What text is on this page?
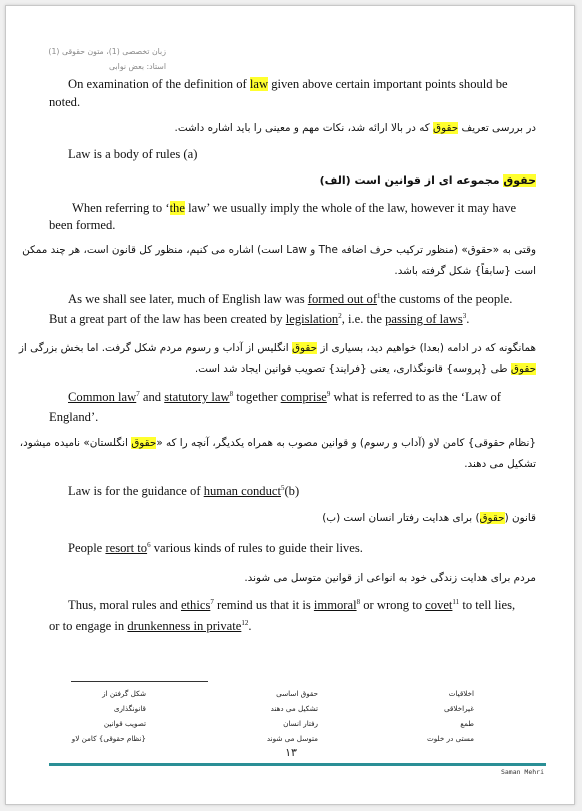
زبان تخصصی (1)، متون حقوقی (1)
استاد: بعض نوابی
On examination of the definition of law given above certain important points should be
noted.
در بررسی تعریف حقوق که در بالا ارائه شد، نکات مهم و معینی را باید اشاره داشت.
Law is a body of rules (a)
حقوق مجموعه ای از قوانین است (الف)
When referring to ‘the law’ we usually imply the whole of the law, however it may have
been formed.
وقتی به «حقوق» (منظور ترکیب حرف اضافه The و Law است) اشاره می کنیم، منظور کل قانون است، هر چند ممکن
است {سابقاً} شکل گرفته باشد.
As we shall see later, much of English law was formed out $of^1the$ customs of the people.
But a great part of the law has been created by legislation$^2$, i.e. the passing of laws$^3$.
همانگونه که در ادامه (بعدا) خواهیم دید، بسیاری از حقوق انگلیس از آداب و رسوم مردم شکل گرفت. اما بخش بزرگی از
حقوق طی {پروسه} قانونگذاری، یعنی {فرایند} تصویب قوانین ایجاد شد است.
Common law$^7$ and statutory law$^8$ together comprise$^9$ what is referred to as the ‘Law of
England’.
{نظام حقوقی} کامن لاو (آداب و رسوم) و قوانین مصوب به همراه یکدیگر، آنچه را که «حقوق انگلستان» نامیده میشود،
تشکیل می دهند.
Law is for the guidance of human conduct$^5$(b)
قانون (حقوق) برای هدایت رفتار انسان است (ب)
People resort $to^6$ various kinds of rules to guide their lives.
مردم برای هدایت زندگی خود به انواعی از قوانین متوسل می شوند.
Thus, moral rules and ethics$^7$ remind us that it is immoral$^8$ or wrong to covet$^{11}$ to tell lies,
or to engage in drunkenness in private$^{12}$.
شکل گرفتن از
قانونگذاری
تصویب قوانین
{نظام حقوقی} کامن لاو
حقوق اساسی
تشکیل می دهند
رفتار انسان
متوسل می شوند
اخلاقیات
غیراخلاقی
طمع
مستی در خلوت
۱۳
Saman Mehri
